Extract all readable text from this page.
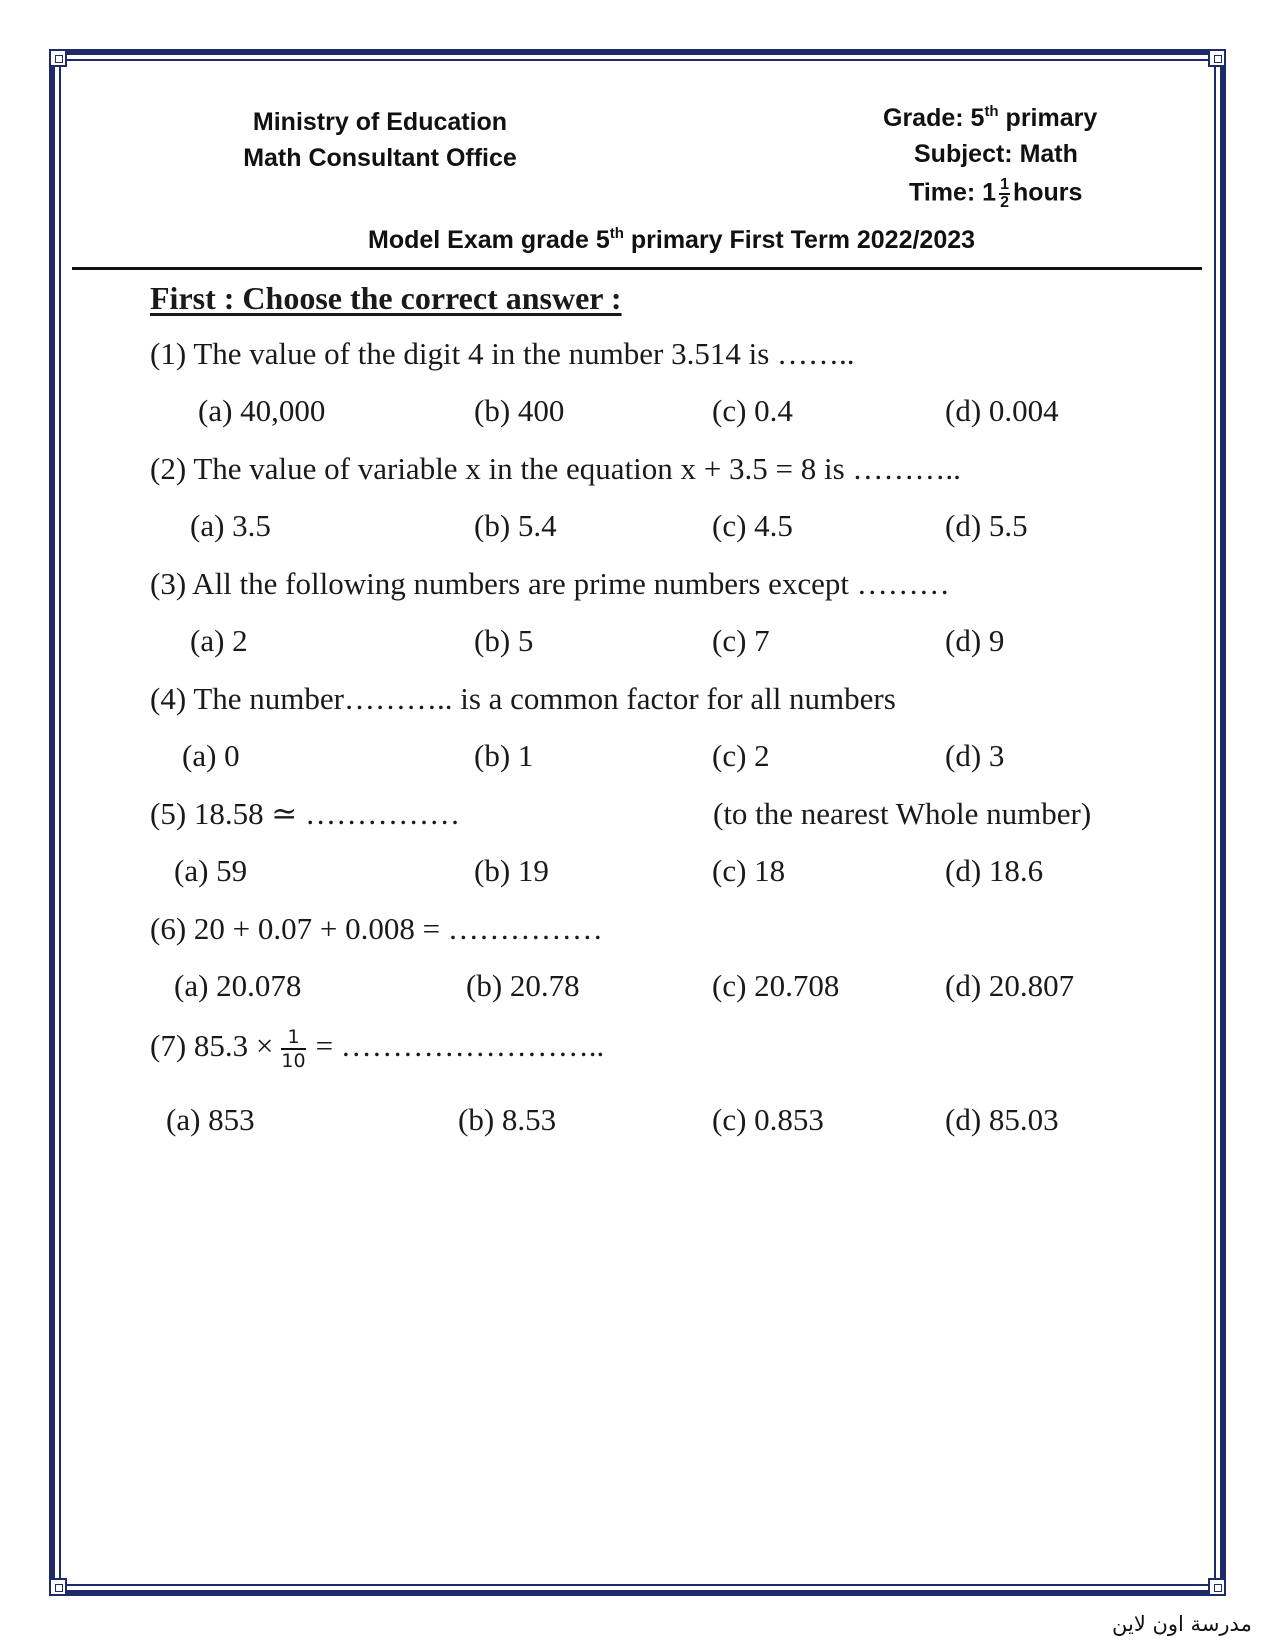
Ministry of Education
Math Consultant Office
Grade: 5th primary
Subject: Math
Time: $1 \frac{1}{2}$ hours
Model Exam grade 5th primary First Term 2022/2023
First : Choose the correct answer :
(1) The value of the digit 4 in the number 3.514 is ……..
(a) 40,000	(b) 400	(c) 0.4	(d) 0.004
(2) The value of variable x in the equation x + 3.5 = 8 is ………..
(a) 3.5	(b) 5.4	(c) 4.5	(d) 5.5
(3) All the following numbers are prime numbers except ………
(a) 2	(b) 5	(c) 7	(d) 9
(4) The number……….. is a common factor for all numbers
(a) 0	(b) 1	(c) 2	(d) 3
(5) 18.58 ≃ ……………	(to the nearest Whole number)
(a) 59	(b) 19	(c) 18	(d) 18.6
(6) 20 + 0.07 + 0.008 = ……………
(a) 20.078	(b) 20.78	(c) 20.708	(d) 20.807
(7) $85.3 \times \frac{1}{10}$ = ……………………..
(a) 853	(b) 8.53	(c) 0.853	(d) 85.03
مدرسة اون لاين
